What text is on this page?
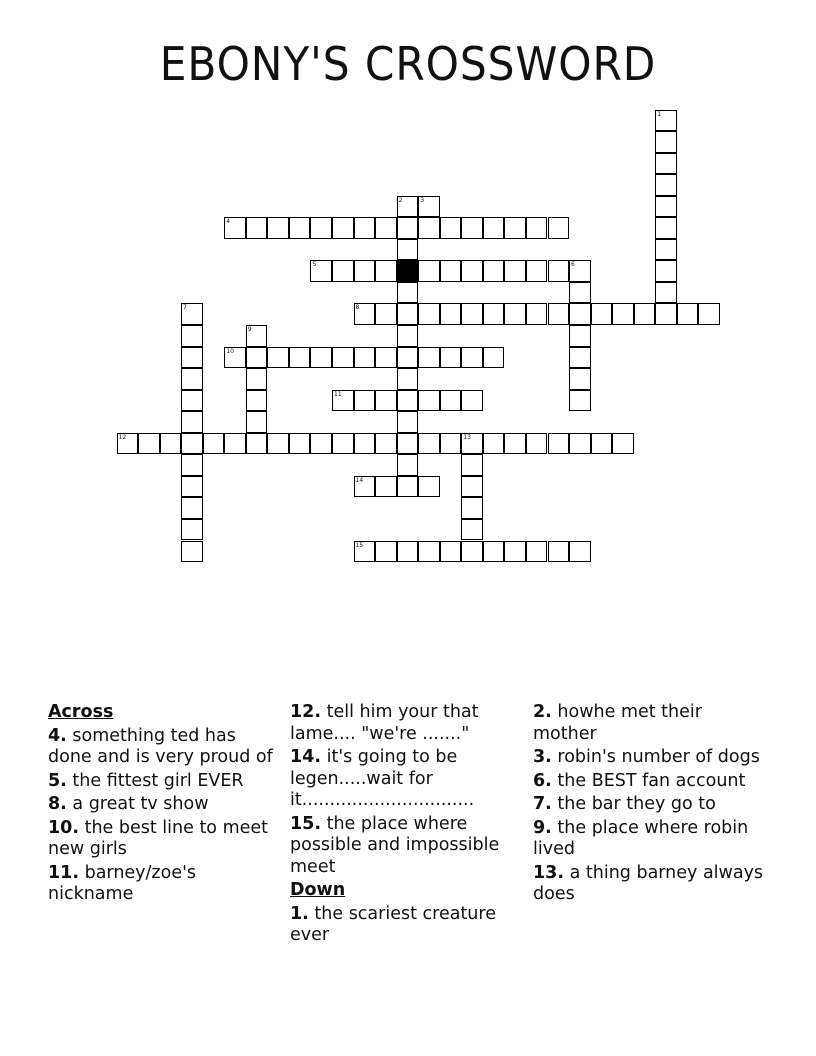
EBONY'S CROSSWORD
1
2	3
4
5	6
7	8
9
10
11
12	13
14
15
Across
4. something ted has done and is very proud of
5. the fittest girl EVER
8. a great tv show
10. the best line to meet new girls
11. barney/zoe's nickname
12. tell him your that lame.... "we're ......."
14. it's going to be legen.....wait for it...............................
15. the place where possible and impossible meet
Down
1. the scariest creature ever
2. howhe met their mother
3. robin's number of dogs
6. the BEST fan account
7. the bar they go to
9. the place where robin lived
13. a thing barney always does
